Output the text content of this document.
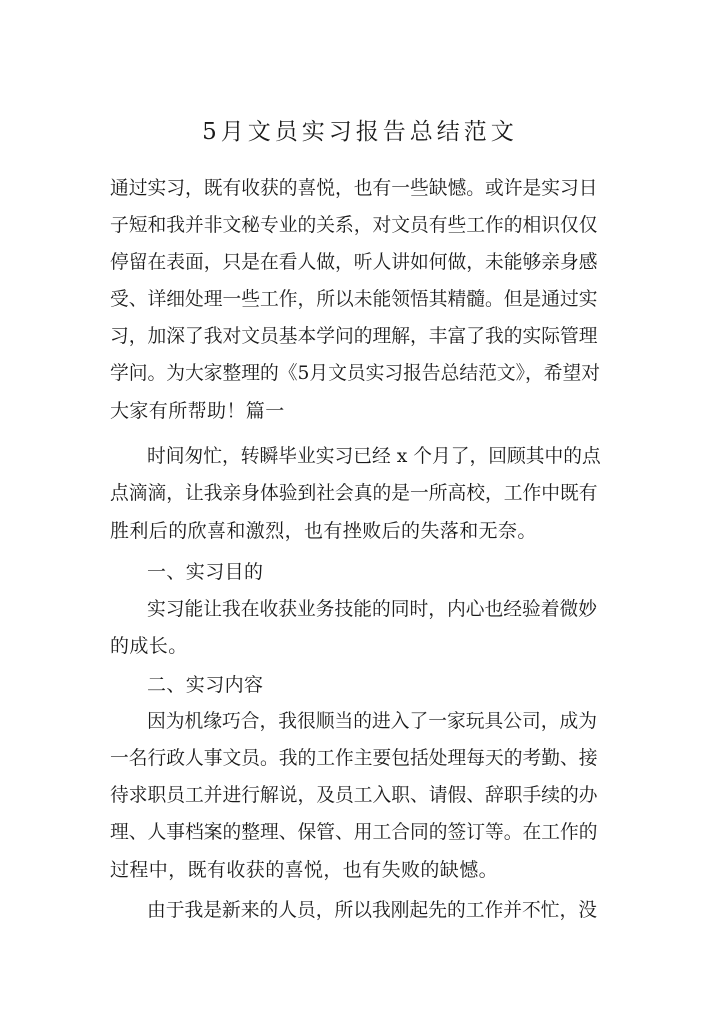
5月文员实习报告总结范文

通过实习，既有收获的喜悦，也有一些缺憾。或许是实习日

子短和我并非文秘专业的关系，对文员有些工作的相识仅仅

停留在表面，只是在看人做，听人讲如何做，未能够亲身感

受、详细处理一些工作，所以未能领悟其精髓。但是通过实

习，加深了我对文员基本学问的理解，丰富了我的实际管理

学问。为大家整理的《5月文员实习报告总结范文》，希望对

大家有所帮助！篇一

时间匆忙，转瞬毕业实习已经 x 个月了，回顾其中的点

点滴滴，让我亲身体验到社会真的是一所高校，工作中既有

胜利后的欣喜和激烈，也有挫败后的失落和无奈。

一、实习目的

实习能让我在收获业务技能的同时，内心也经验着微妙

的成长。

二、实习内容

因为机缘巧合，我很顺当的进入了一家玩具公司，成为

一名行政人事文员。我的工作主要包括处理每天的考勤、接

待求职员工并进行解说，及员工入职、请假、辞职手续的办

理、人事档案的整理、保管、用工合同的签订等。在工作的

过程中，既有收获的喜悦，也有失败的缺憾。

由于我是新来的人员，所以我刚起先的工作并不忙，没
